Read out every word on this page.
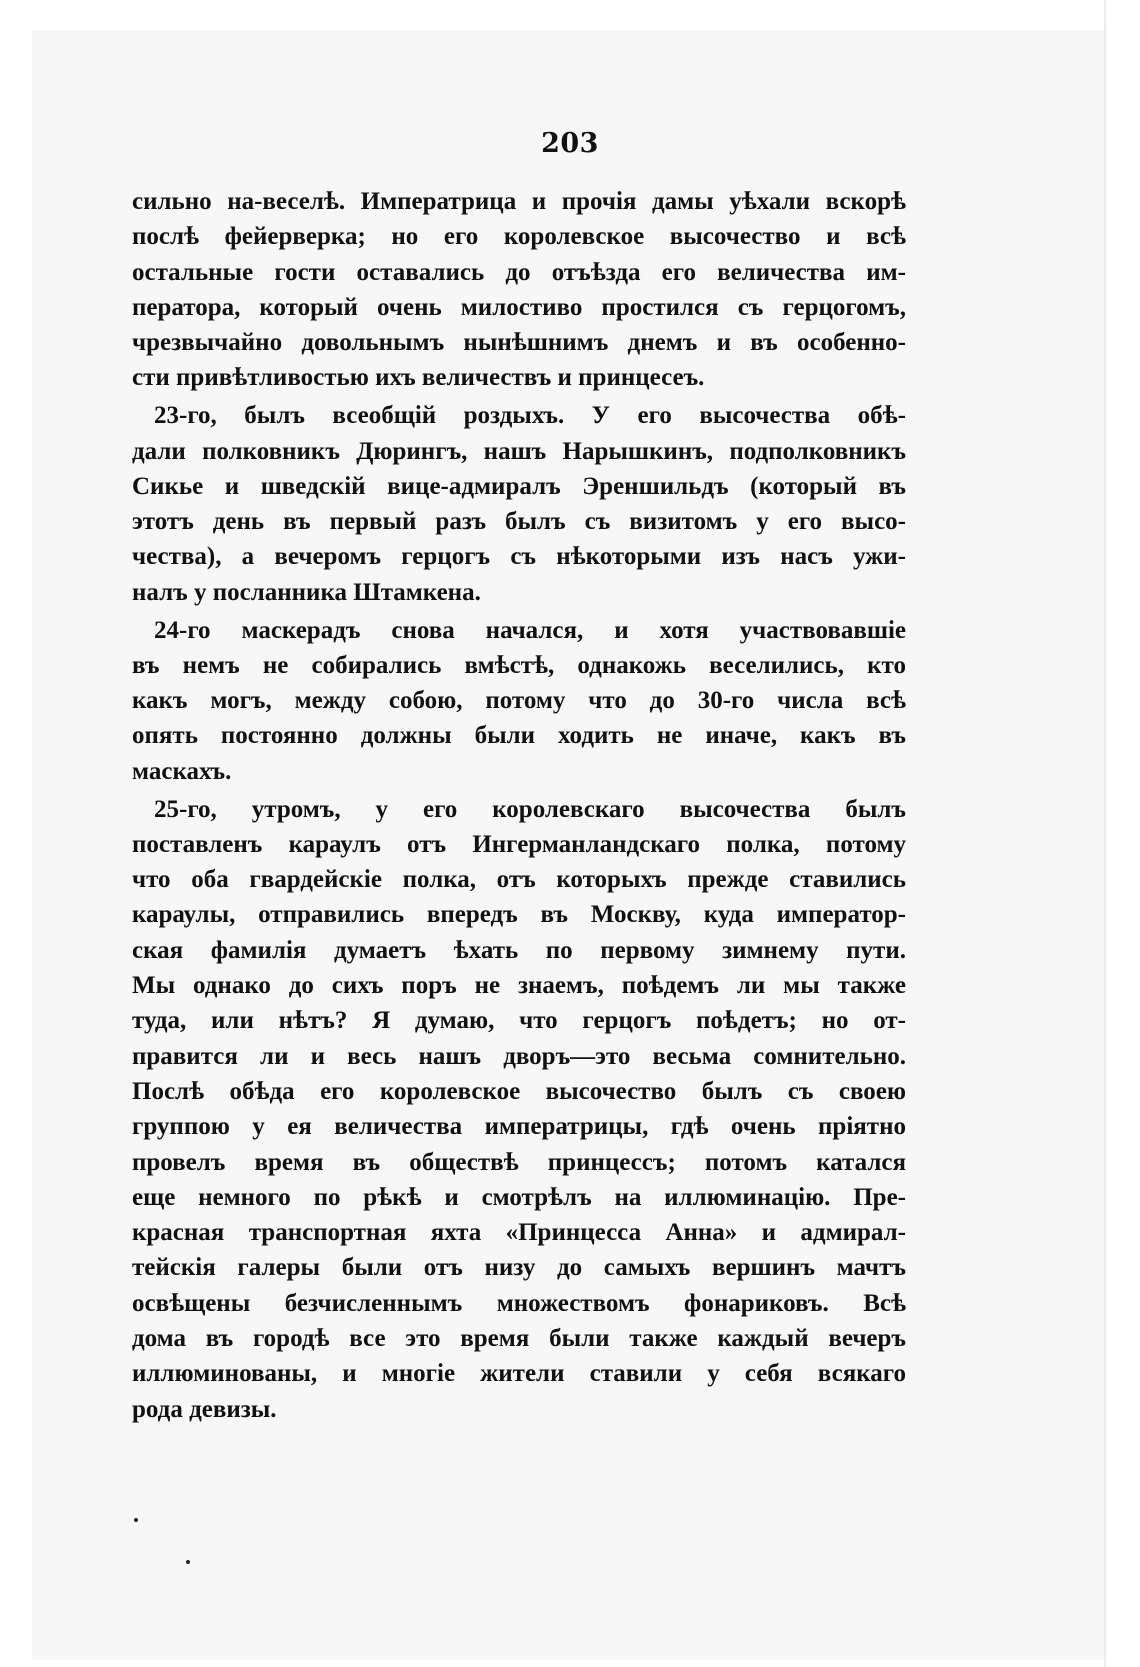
203

сильно на-веселѣ. Императрица и прочія дамы уѣхали вскорѣ

послѣ фейерверка; но его королевское высочество и всѣ

остальные гости оставались до отъѣзда его величества им-

ператора, который очень милостиво простился съ герцогомъ,

чрезвычайно довольнымъ нынѣшнимъ днемъ и въ особенно-

сти привѣтливостью ихъ величествъ и принцесеъ.

23-го, былъ всеобщій роздыхъ. У его высочества обѣ-

дали полковникъ Дюрингъ, нашъ Нарышкинъ, подполковникъ

Сикье и шведскій вице-адмиралъ Эреншильдъ (который въ

этотъ день въ первый разъ былъ съ визитомъ у его высо-

чества), а вечеромъ герцогъ съ нѣкоторыми изъ насъ ужи-

налъ у посланника Штамкена.

24-го маскерадъ снова начался, и хотя участвовавшіе

въ немъ не собирались вмѣстѣ, однакожь веселились, кто

какъ могъ, между собою, потому что до 30-го числа всѣ

опять постоянно должны были ходить не иначе, какъ въ

маскахъ.

25-го, утромъ, у его королевскаго высочества былъ

поставленъ караулъ отъ Ингерманландскаго полка, потому

что оба гвардейскіе полка, отъ которыхъ прежде ставились

караулы, отправились впередъ въ Москву, куда император-

ская фамилія думаетъ ѣхать по первому зимнему пути.

Мы однако до сихъ поръ не знаемъ, поѣдемъ ли мы также

туда, или нѣтъ? Я думаю, что герцогъ поѣдетъ; но от-

правится ли и весь нашъ дворъ—это весьма сомнительно.

Послѣ обѣда его королевское высочество былъ съ своею

группою у ея величества императрицы, гдѣ очень пріятно

провелъ время въ обществѣ принцессъ; потомъ катался

еще немного по рѣкѣ и смотрѣлъ на иллюминацію. Пре-

красная транспортная яхта «Принцесса Анна» и адмирал-

тейскія галеры были отъ низу до самыхъ вершинъ мачтъ

освѣщены безчисленнымъ множествомъ фонариковъ. Всѣ

дома въ городѣ все это время были также каждый вечеръ

иллюминованы, и многіе жители ставили у себя всякаго

рода девизы.
